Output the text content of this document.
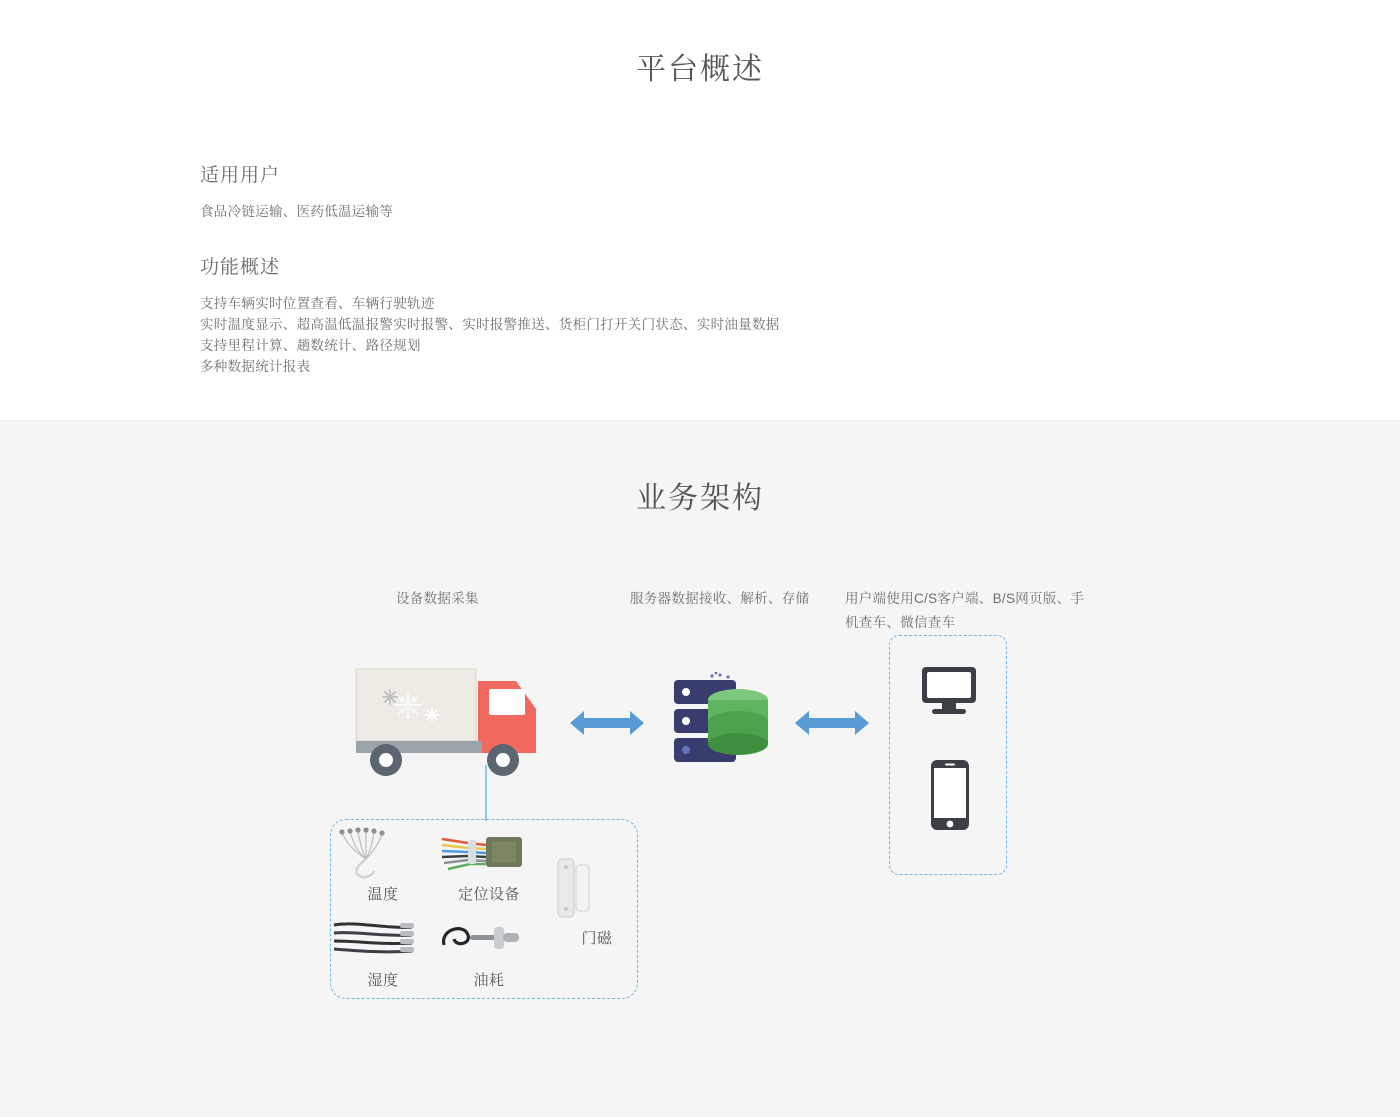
平台概述
适用用户

食品冷链运输、医药低温运输等

功能概述

支持车辆实时位置查看、车辆行驶轨迹

实时温度显示、超高温低温报警实时报警、实时报警推送、货柜门打开关门状态、实时油量数据

支持里程计算、趟数统计、路径规划

多种数据统计报表

业务架构
设备数据采集	服务器数据接收、解析、存储	用户端使用C/S客户端、B/S网页版、手机查车、微信查车
温度	定位设备
门磁
湿度	油耗
